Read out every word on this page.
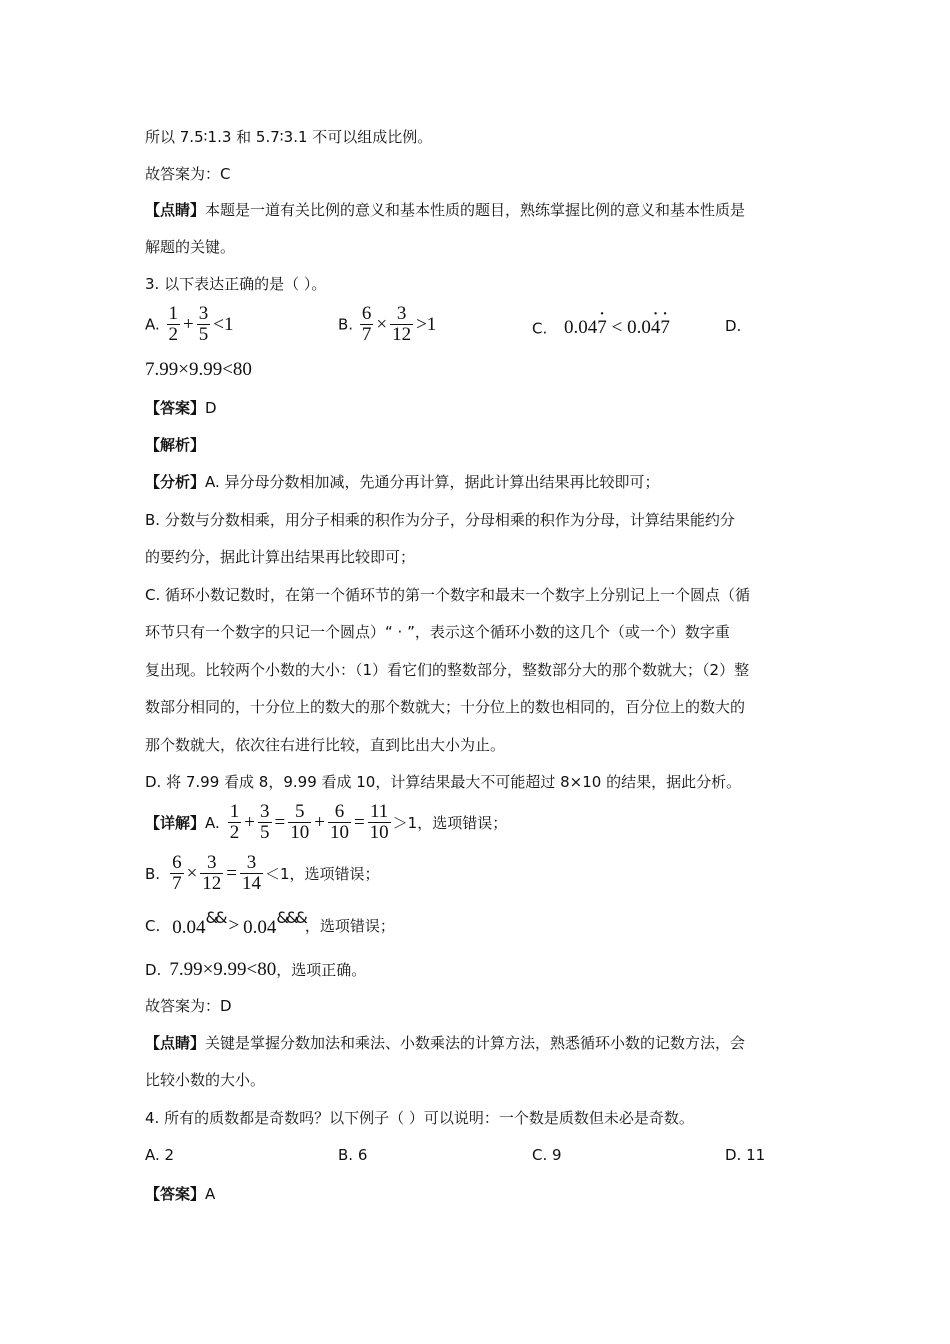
所以 7.5∶1.3 和 5.7∶3.1 不可以组成比例。
故答案为：C
【点睛】本题是一道有关比例的意义和基本性质的题目，熟练掌握比例的意义和基本性质是
解题的关键。
3. 以下表达正确的是（ ）。
A. $\frac{1}{2} + \frac{3}{5} <1$	B. $\frac{6}{7} \times \frac{3}{12} >1$	C. 0.04· 7 < 0.0· 4· 7	D.
7.99×9.99<80
【答案】D
【解析】
【分析】A. 异分母分数相加减，先通分再计算，据此计算出结果再比较即可；
B. 分数与分数相乘，用分子相乘的积作为分子，分母相乘的积作为分母，计算结果能约分
的要约分，据此计算出结果再比较即可；
C. 循环小数记数时，在第一个循环节的第一个数字和最末一个数字上分别记上一个圆点（循
环节只有一个数字的只记一个圆点）“ · ”，表示这个循环小数的这几个（或一个）数字重
复出现。比较两个小数的大小：（1）看它们的整数部分，整数部分大的那个数就大；（2）整
数部分相同的，十分位上的数大的那个数就大；十分位上的数也相同的，百分位上的数大的
那个数就大，依次往右进行比较，直到比出大小为止。
D. 将 7.99 看成 8，9.99 看成 10，计算结果最大不可能超过 8×10 的结果，据此分析。
【详解】A. $\frac{1}{2} + \frac{3}{5} = \frac{5}{10} + \frac{6}{10} = \frac{11}{10} >1$，选项错误；
B. $\frac{6}{7} \times \frac{3}{12} = \frac{3}{14} <1$，选项错误；
C. 0.04&& > 0.04&&&，选项错误；
D. 7.99×9.99<80，选项正确。
故答案为：D
【点睛】关键是掌握分数加法和乘法、小数乘法的计算方法，熟悉循环小数的记数方法，会
比较小数的大小。
4. 所有的质数都是奇数吗？以下例子（ ）可以说明：一个数是质数但未必是奇数。
A. 2	B. 6	C. 9	D. 11
【答案】A
